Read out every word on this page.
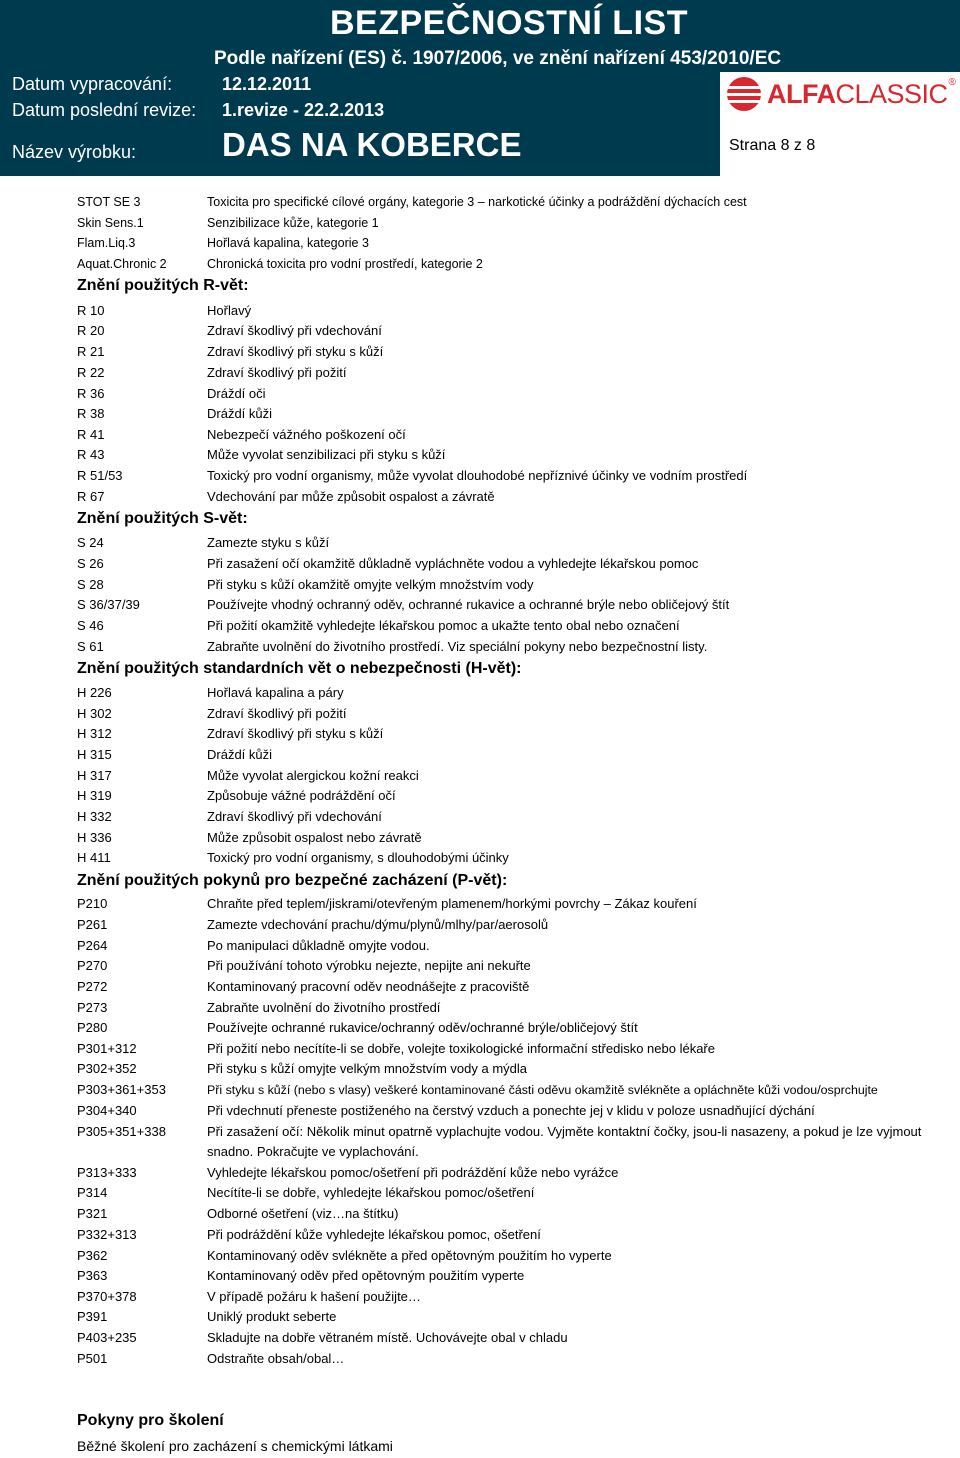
BEZPEČNOSTNÍ LIST
Podle nařízení (ES) č. 1907/2006, ve znění nařízení 453/2010/EC
Datum vypracování:	12.12.2011
Datum poslední revize: 1.revize - 22.2.2013
Název výrobku:	DAS NA KOBERCE
ALFA CLASSIC ®
Strana 8 z 8
STOT SE 3	Toxicita pro specifické cílové orgány, kategorie 3 – narkotické účinky a podráždění dýchacích cest
Skin Sens.1	Senzibilizace kůže, kategorie 1
Flam.Liq.3	Hořlavá kapalina, kategorie 3
Aquat.Chronic 2	Chronická toxicita pro vodní prostředí, kategorie 2
Znění použitých R-vět:
R 10	Hořlavý
R 20	Zdraví škodlivý při vdechování
R 21	Zdraví škodlivý při styku s kůží
R 22	Zdraví škodlivý při požití
R 36	Dráždí oči
R 38	Dráždí kůži
R 41	Nebezpečí vážného poškození očí
R 43	Může vyvolat senzibilizaci při styku s kůží
R 51/53	Toxický pro vodní organismy, může vyvolat dlouhodobé nepříznivé účinky ve vodním prostředí
R 67	Vdechování par může způsobit ospalost a závratě
Znění použitých S-vět:
S 24	Zamezte styku s kůží
S 26	Při zasažení očí okamžitě důkladně vypláchněte vodou a vyhledejte lékařskou pomoc
S 28	Při styku s kůží okamžitě omyjte velkým množstvím vody
S 36/37/39	Používejte vhodný ochranný oděv, ochranné rukavice a ochranné brýle nebo obličejový štít
S 46	Při požití okamžitě vyhledejte lékařskou pomoc a ukažte tento obal nebo označení
S 61	Zabraňte uvolnění do životního prostředí. Viz speciální pokyny nebo bezpečnostní listy.
Znění použitých standardních vět o nebezpečnosti (H-vět):
H 226	Hořlavá kapalina a páry
H 302	Zdraví škodlivý při požití
H 312	Zdraví škodlivý při styku s kůží
H 315	Dráždí kůži
H 317	Může vyvolat alergickou kožní reakci
H 319	Způsobuje vážné podráždění očí
H 332	Zdraví škodlivý při vdechování
H 336	Může způsobit ospalost nebo závratě
H 411	Toxický pro vodní organismy, s dlouhodobými účinky
Znění použitých pokynů pro bezpečné zacházení (P-vět):
P210	Chraňte před teplem/jiskrami/otevřeným plamenem/horkými povrchy – Zákaz kouření
P261	Zamezte vdechování prachu/dýmu/plynů/mlhy/par/aerosolů
P264	Po manipulaci důkladně omyjte vodou.
P270	Při používání tohoto výrobku nejezte, nepijte ani nekuřte
P272	Kontaminovaný pracovní oděv neodnášejte z pracoviště
P273	Zabraňte uvolnění do životního prostředí
P280	Používejte ochranné rukavice/ochranný oděv/ochranné brýle/obličejový štít
P301+312	Při požití nebo necítíte-li se dobře, volejte toxikologické informační středisko nebo lékaře
P302+352	Při styku s kůží omyjte velkým množstvím vody a mýdla
P303+361+353	Při styku s kůží (nebo s vlasy) veškeré kontaminované části oděvu okamžitě svlékněte a opláchněte kůži vodou/osprchujte
P304+340	Při vdechnutí přeneste postiženého na čerstvý vzduch a ponechte jej v klidu v poloze usnadňující dýchání
P305+351+338	Při zasažení očí: Několik minut opatrně vyplachujte vodou. Vyjměte kontaktní čočky, jsou-li nasazeny, a pokud je lze vyjmout snadno. Pokračujte ve vyplachování.
P313+333	Vyhledejte lékařskou pomoc/ošetření při podráždění kůže nebo vyrážce
P314	Necítíte-li se dobře, vyhledejte lékařskou pomoc/ošetření
P321	Odborné ošetření (viz…na štítku)
P332+313	Při podráždění kůže vyhledejte lékařskou pomoc, ošetření
P362	Kontaminovaný oděv svlékněte a před opětovným použitím ho vyperte
P363	Kontaminovaný oděv před opětovným použitím vyperte
P370+378	V případě požáru k hašení použijte…
P391	Uniklý produkt seberte
P403+235	Skladujte na dobře větraném místě. Uchovávejte obal v chladu
P501	Odstraňte obsah/obal…
Pokyny pro školení
Běžné školení pro zacházení s chemickými látkami
